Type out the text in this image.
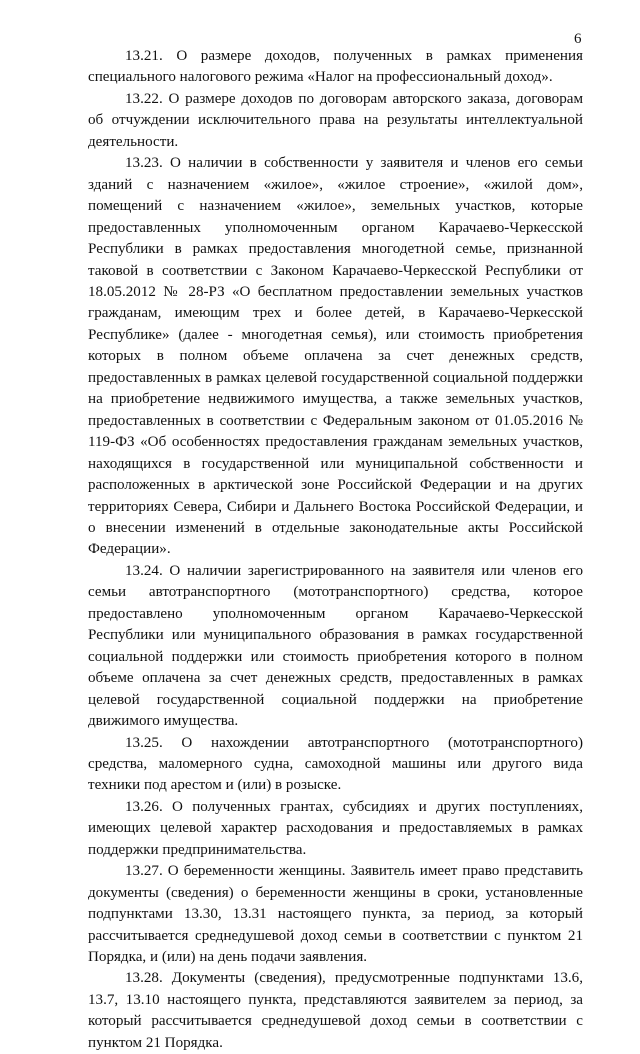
6

13.21. О размере доходов, полученных в рамках применения специального налогового режима «Налог на профессиональный доход».

13.22. О размере доходов по договорам авторского заказа, договорам об отчуждении исключительного права на результаты интеллектуальной деятельности.

13.23. О наличии в собственности у заявителя и членов его семьи зданий с назначением «жилое», «жилое строение», «жилой дом», помещений с назначением «жилое», земельных участков, которые предоставленных уполномоченным органом Карачаево-Черкесской Республики в рамках предоставления многодетной семье, признанной таковой в соответствии с Законом Карачаево-Черкесской Республики от 18.05.2012 № 28-РЗ «О бесплатном предоставлении земельных участков гражданам, имеющим трех и более детей, в Карачаево-Черкесской Республике» (далее - многодетная семья), или стоимость приобретения которых в полном объеме оплачена за счет денежных средств, предоставленных в рамках целевой государственной социальной поддержки на приобретение недвижимого имущества, а также земельных участков, предоставленных в соответствии с Федеральным законом от 01.05.2016 № 119-ФЗ «Об особенностях предоставления гражданам земельных участков, находящихся в государственной или муниципальной собственности и расположенных в арктической зоне Российской Федерации и на других территориях Севера, Сибири и Дальнего Востока Российской Федерации, и о внесении изменений в отдельные законодательные акты Российской Федерации».

13.24. О наличии зарегистрированного на заявителя или членов его семьи автотранспортного (мототранспортного) средства, которое предоставлено уполномоченным органом Карачаево-Черкесской Республики или муниципального образования в рамках государственной социальной поддержки или стоимость приобретения которого в полном объеме оплачена за счет денежных средств, предоставленных в рамках целевой государственной социальной поддержки на приобретение движимого имущества.

13.25. О нахождении автотранспортного (мототранспортного) средства, маломерного судна, самоходной машины или другого вида техники под арестом и (или) в розыске.

13.26. О полученных грантах, субсидиях и других поступлениях, имеющих целевой характер расходования и предоставляемых в рамках поддержки предпринимательства.

13.27. О беременности женщины. Заявитель имеет право представить документы (сведения) о беременности женщины в сроки, установленные подпунктами 13.30, 13.31 настоящего пункта, за период, за который рассчитывается среднедушевой доход семьи в соответствии с пунктом 21 Порядка, и (или) на день подачи заявления.

13.28. Документы (сведения), предусмотренные подпунктами 13.6, 13.7, 13.10 настоящего пункта, представляются заявителем за период, за который рассчитывается среднедушевой доход семьи в соответствии с пунктом 21 Порядка.
